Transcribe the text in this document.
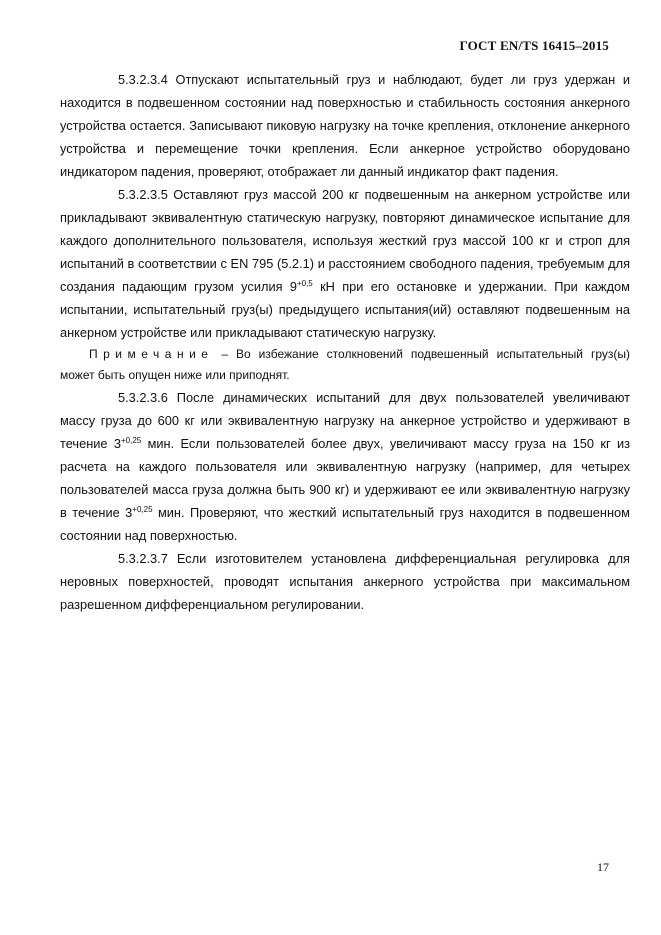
ГОСТ EN/TS 16415–2015

5.3.2.3.4 Отпускают испытательный груз и наблюдают, будет ли груз удержан и находится в подвешенном состоянии над поверхностью и стабильность состояния анкерного устройства остается. Записывают пиковую нагрузку на точке крепления, отклонение анкерного устройства и перемещение точки крепления. Если анкерное устройство оборудовано индикатором падения, проверяют, отображает ли данный индикатор факт падения.

5.3.2.3.5 Оставляют груз массой 200 кг подвешенным на анкерном устройстве или прикладывают эквивалентную статическую нагрузку, повторяют динамическое испытание для каждого дополнительного пользователя, используя жесткий груз массой 100 кг и строп для испытаний в соответствии с EN 795 (5.2.1) и расстоянием свободного падения, требуемым для создания падающим грузом усилия $9^{+0,5}$ кН при его остановке и удержании. При каждом испытании, испытательный груз(ы) предыдущего испытания(ий) оставляют подвешенным на анкерном устройстве или прикладывают статическую нагрузку.

Примечание – Во избежание столкновений подвешенный испытательный груз(ы) может быть опущен ниже или приподнят.

5.3.2.3.6 После динамических испытаний для двух пользователей увеличивают массу груза до 600 кг или эквивалентную нагрузку на анкерное устройство и удерживают в течение $3^{+0,25}$ мин. Если пользователей более двух, увеличивают массу груза на 150 кг из расчета на каждого пользователя или эквивалентную нагрузку (например, для четырех пользователей масса груза должна быть 900 кг) и удерживают ее или эквивалентную нагрузку в течение $3^{+0,25}$ мин. Проверяют, что жесткий испытательный груз находится в подвешенном состоянии над поверхностью.

5.3.2.3.7 Если изготовителем установлена дифференциальная регулировка для неровных поверхностей, проводят испытания анкерного устройства при максимальном разрешенном дифференциальном регулировании.

17
